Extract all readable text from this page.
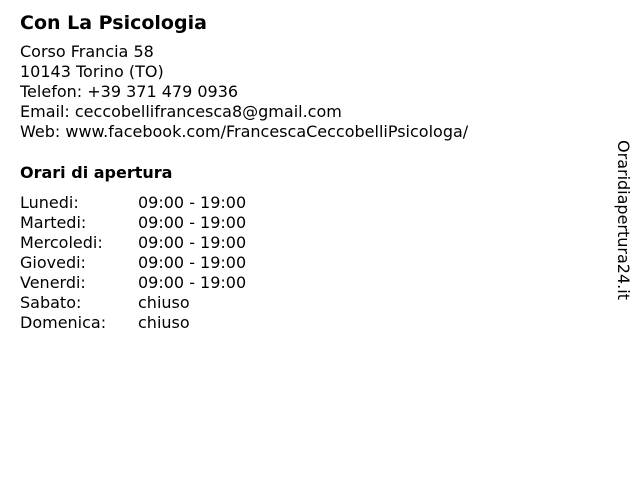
Con La Psicologia
Corso Francia 58
10143 Torino (TO)
Telefon: +39 371 479 0936
Email: ceccobellifrancesca8@gmail.com
Web: www.facebook.com/FrancescaCeccobelliPsicologa/
Orari di apertura
Lunedi:	09:00 - 19:00
Martedi:	09:00 - 19:00
Mercoledi:	09:00 - 19:00
Giovedi:	09:00 - 19:00
Venerdi:	09:00 - 19:00
Sabato:	chiuso
Domenica:	chiuso
Oraridiapertura24.it
